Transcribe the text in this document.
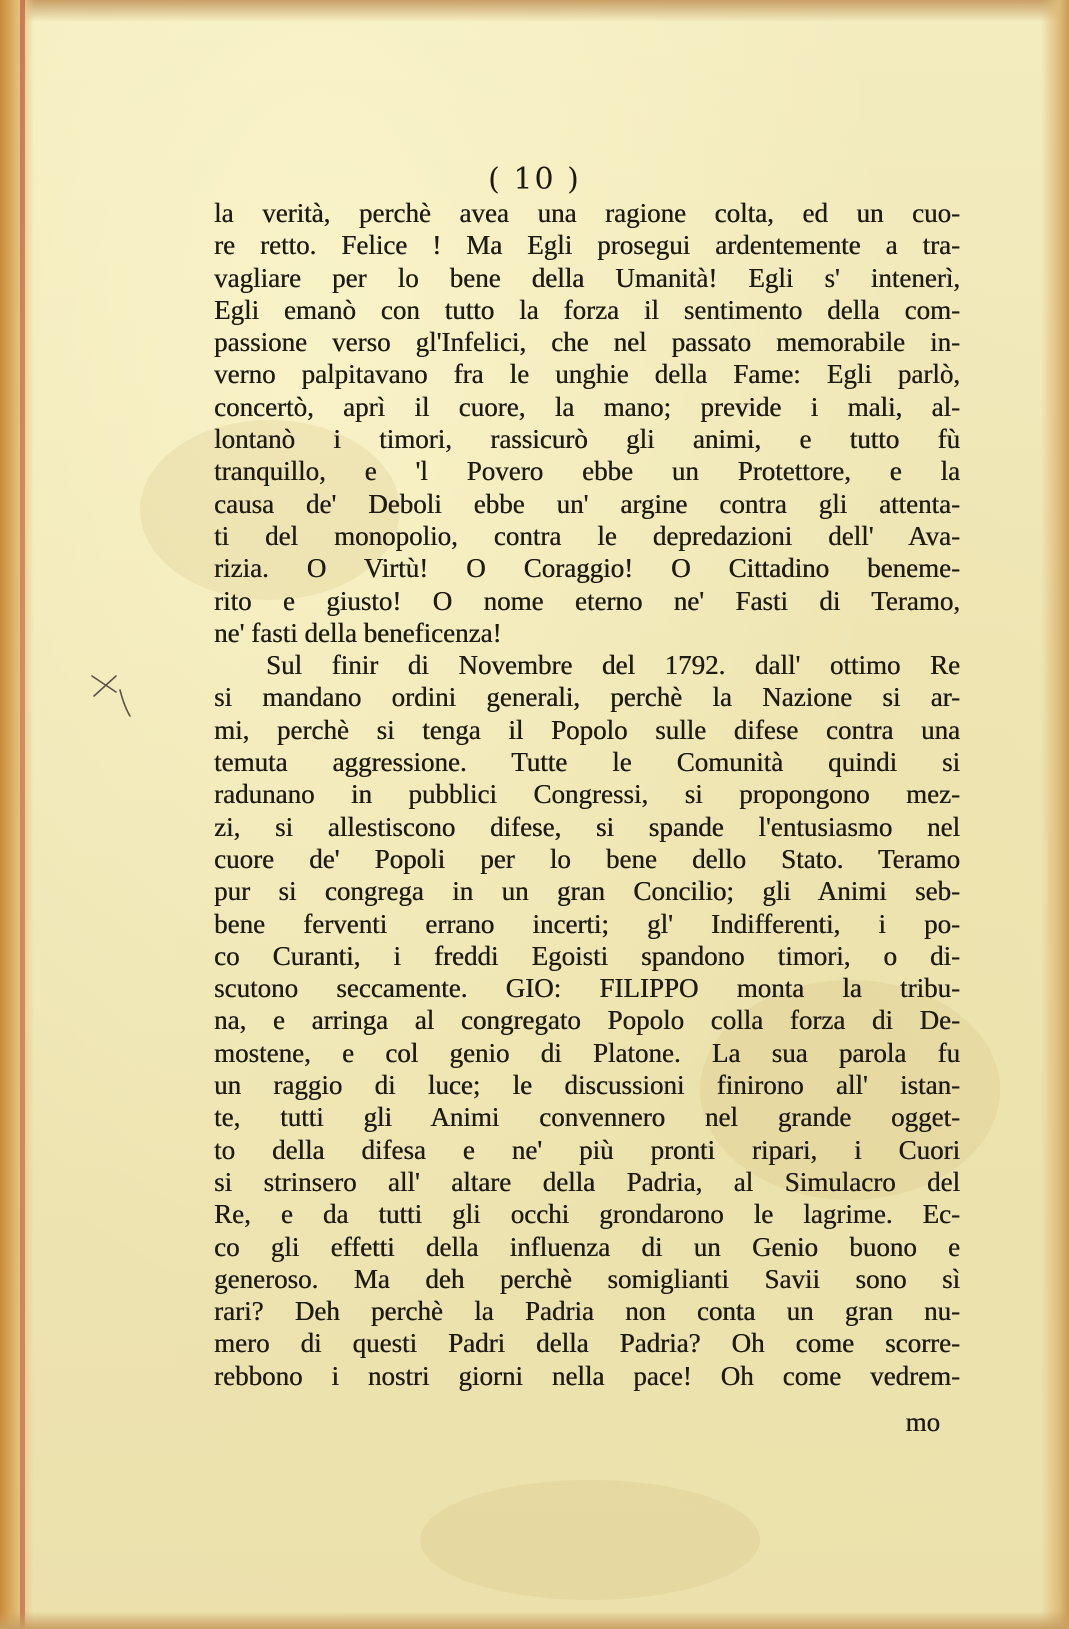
( 10 )
la verità, perchè avea una ragione colta, ed un cuo-
re retto. Felice ! Ma Egli prosegui ardentemente a tra-
vagliare per lo bene della Umanità! Egli s' intenerì,
Egli emanò con tutto la forza il sentimento della com-
passione verso gl'Infelici, che nel passato memorabile in-
verno palpitavano fra le unghie della Fame: Egli parlò,
concertò, aprì il cuore, la mano; previde i mali, al-
lontanò i timori, rassicurò gli animi, e tutto fù
tranquillo, e 'l Povero ebbe un Protettore, e la
causa de' Deboli ebbe un' argine contra gli attenta-
ti del monopolio, contra le depredazioni dell' Ava-
rizia. O Virtù! O Coraggio! O Cittadino beneme-
rito e giusto! O nome eterno ne' Fasti di Teramo,
ne' fasti della beneficenza!
Sul finir di Novembre del 1792. dall' ottimo Re
si mandano ordini generali, perchè la Nazione si ar-
mi, perchè si tenga il Popolo sulle difese contra una
temuta aggressione. Tutte le Comunità quindi si
radunano in pubblici Congressi, si propongono mez-
zi, si allestiscono difese, si spande l'entusiasmo nel
cuore de' Popoli per lo bene dello Stato. Teramo
pur si congrega in un gran Concilio; gli Animi seb-
bene ferventi errano incerti; gl' Indifferenti, i po-
co Curanti, i freddi Egoisti spandono timori, o di-
scutono seccamente. GIO: FILIPPO monta la tribu-
na, e arringa al congregato Popolo colla forza di De-
mostene, e col genio di Platone. La sua parola fu
un raggio di luce; le discussioni finirono all' istan-
te, tutti gli Animi convennero nel grande ogget-
to della difesa e ne' più pronti ripari, i Cuori
si strinsero all' altare della Padria, al Simulacro del
Re, e da tutti gli occhi grondarono le lagrime. Ec-
co gli effetti della influenza di un Genio buono e
generoso. Ma deh perchè somiglianti Savii sono sì
rari? Deh perchè la Padria non conta un gran nu-
mero di questi Padri della Padria? Oh come scorre-
rebbono i nostri giorni nella pace! Oh come vedrem-
mo
